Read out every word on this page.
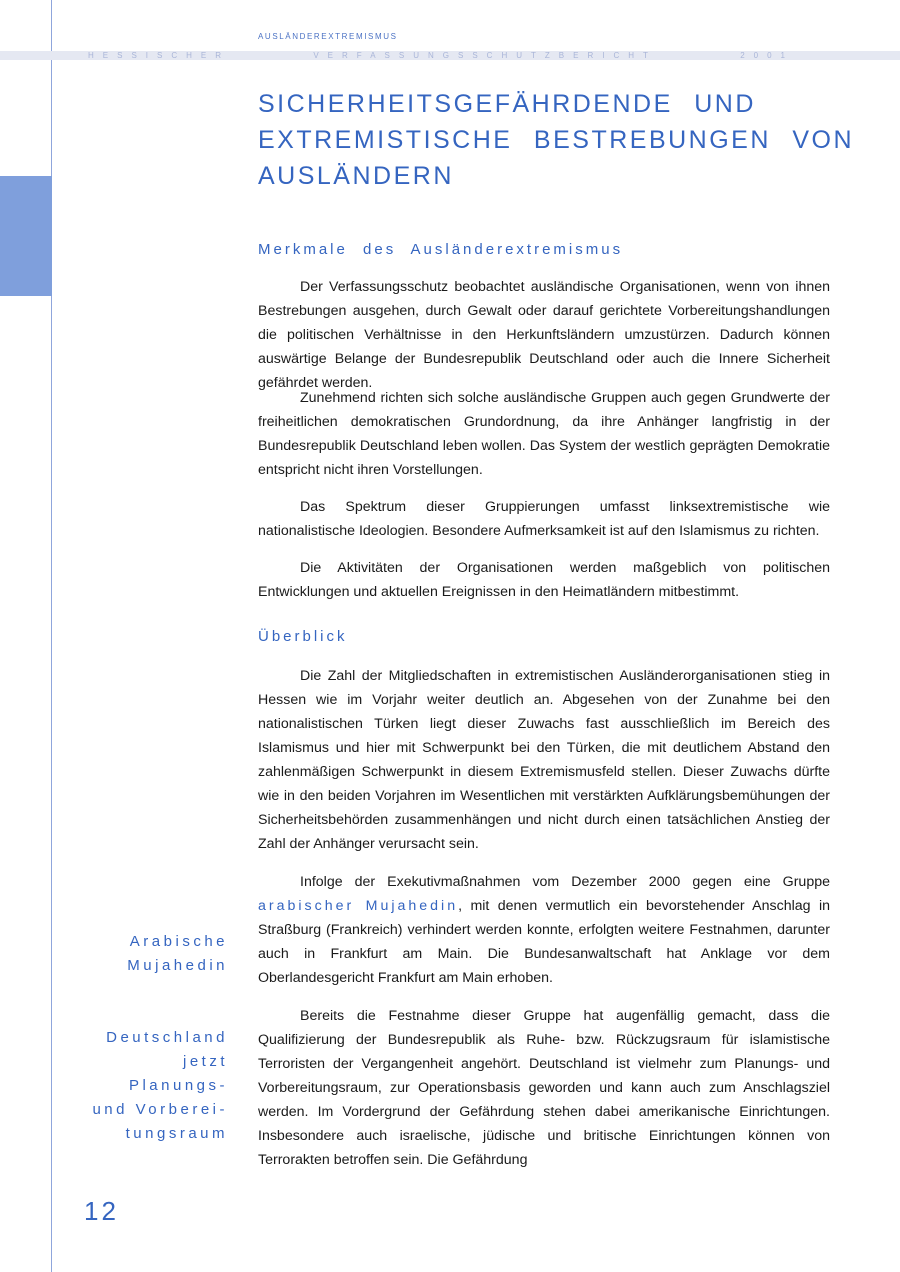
AUSLÄNDEREXTREMISMUS

HESSISCHER	VERFASSUNGSSCHUTZBERICHT	2001
SICHERHEITSGEFÄHRDENDE UND
EXTREMISTISCHE BESTREBUNGEN VON
AUSLÄNDERN
Merkmale des Ausländerextremismus

Der Verfassungsschutz beobachtet ausländische Organisationen, wenn von ihnen Bestrebungen ausgehen, durch Gewalt oder darauf gerichtete Vorbereitungshandlungen die politischen Verhältnisse in den Herkunftsländern umzustürzen. Dadurch können auswärtige Belange der Bundesrepublik Deutschland oder auch die Innere Sicherheit gefährdet werden.

Zunehmend richten sich solche ausländische Gruppen auch gegen Grundwerte der freiheitlichen demokratischen Grundordnung, da ihre Anhänger langfristig in der Bundesrepublik Deutschland leben wollen. Das System der westlich geprägten Demokratie entspricht nicht ihren Vorstellungen.

Das Spektrum dieser Gruppierungen umfasst linksextremistische wie nationalistische Ideologien. Besondere Aufmerksamkeit ist auf den Islamismus zu richten.

Die Aktivitäten der Organisationen werden maßgeblich von politischen Entwicklungen und aktuellen Ereignissen in den Heimatländern mitbestimmt.

Überblick

Die Zahl der Mitgliedschaften in extremistischen Ausländerorganisationen stieg in Hessen wie im Vorjahr weiter deutlich an. Abgesehen von der Zunahme bei den nationalistischen Türken liegt dieser Zuwachs fast ausschließlich im Bereich des Islamismus und hier mit Schwerpunkt bei den Türken, die mit deutlichem Abstand den zahlenmäßigen Schwerpunkt in diesem Extremismusfeld stellen. Dieser Zuwachs dürfte wie in den beiden Vorjahren im Wesentlichen mit verstärkten Aufklärungsbemühungen der Sicherheitsbehörden zusammenhängen und nicht durch einen tatsächlichen Anstieg der Zahl der Anhänger verursacht sein.

Infolge der Exekutivmaßnahmen vom Dezember 2000 gegen eine Gruppe arabischer Mujahedin, mit denen vermutlich ein bevorstehender Anschlag in Straßburg (Frankreich) verhindert werden konnte, erfolgten weitere Festnahmen, darunter auch in Frankfurt am Main. Die Bundesanwaltschaft hat Anklage vor dem Oberlandesgericht Frankfurt am Main erhoben.

Bereits die Festnahme dieser Gruppe hat augenfällig gemacht, dass die Qualifizierung der Bundesrepublik als Ruhe- bzw. Rückzugsraum für islamistische Terroristen der Vergangenheit angehört. Deutschland ist vielmehr zum Planungs- und Vorbereitungsraum, zur Operationsbasis geworden und kann auch zum Anschlagsziel werden. Im Vordergrund der Gefährdung stehen dabei amerikanische Einrichtungen. Insbesondere auch israelische, jüdische und britische Einrichtungen können von Terrorakten betroffen sein. Die Gefährdung

Arabische
Mujahedin
Deutschland
jetzt
Planungs-
und Vorberei-
tungsraum

12
